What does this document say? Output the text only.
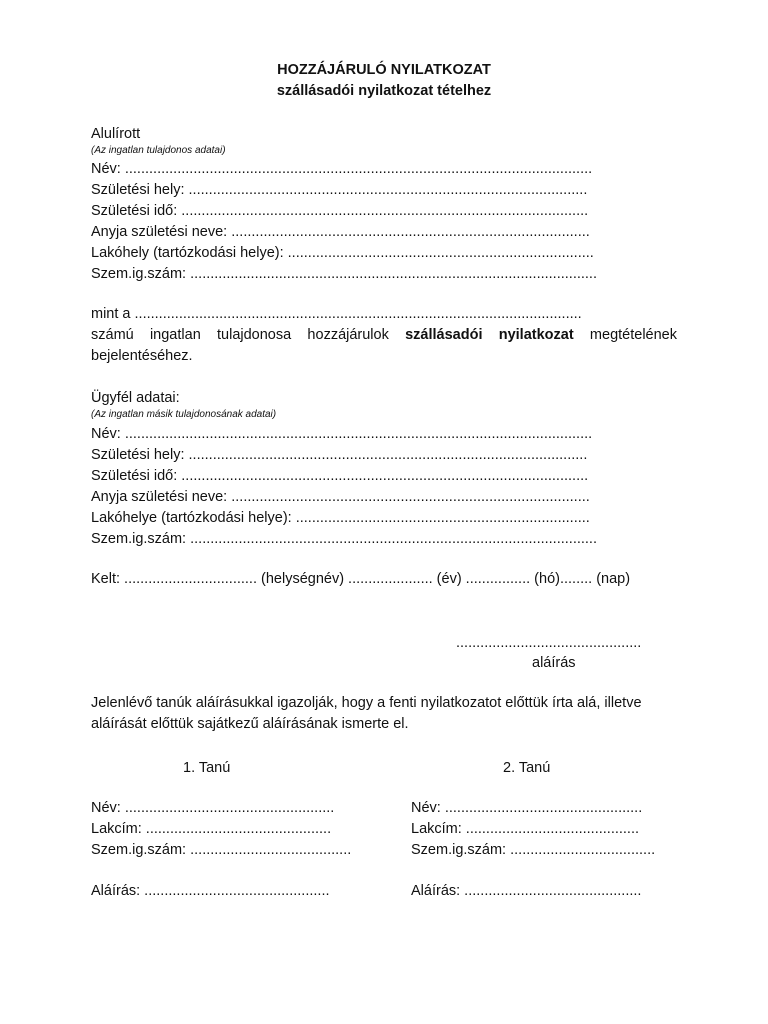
HOZZÁJÁRULÓ NYILATKOZAT
szállásadói nyilatkozat tételhez
Alulírott
(Az ingatlan tulajdonos adatai)
Név: ....................................................................................................................
Születési hely: ...................................................................................................
Születési idő: .....................................................................................................
Anyja születési neve: .........................................................................................
Lakóhely (tartózkodási helye): ............................................................................
Szem.ig.szám: .....................................................................................................
mint a ...............................................................................................................
számú ingatlan tulajdonosa hozzájárulok szállásadói nyilatkozat megtételének bejelentéséhez.
Ügyfél adatai:
(Az ingatlan másik tulajdonosának adatai)
Név: ....................................................................................................................
Születési hely: ...................................................................................................
Születési idő: .....................................................................................................
Anyja születési neve: .........................................................................................
Lakóhelye (tartózkodási helye): .........................................................................
Szem.ig.szám: .....................................................................................................
Kelt: ................................. (helységnév) ..................... (év) ................ (hó)........ (nap)
..............................................
aláírás
Jelenlévő tanúk aláírásukkal igazolják, hogy a fenti nyilatkozatot előttük írta alá, illetve aláírását előttük sajátkezű aláírásának ismerte el.
1. Tanú
Név: ....................................................
Lakcím: ..............................................
Szem.ig.szám: ........................................
Aláírás: ..............................................
2. Tanú
Név: .................................................
Lakcím: ...........................................
Szem.ig.szám: ....................................
Aláírás: ............................................
